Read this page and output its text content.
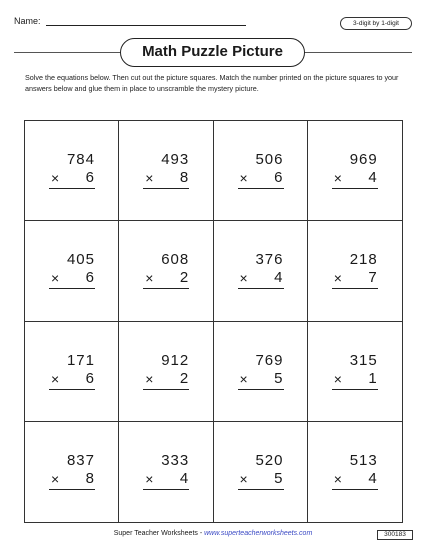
Name:	3-digit by 1-digit
Math Puzzle Picture
Solve the equations below. Then cut out the picture squares. Match the number printed on the picture squares to your answers below and glue them in place to unscramble the mystery picture.
784
× 6
493
× 8
506
× 6
969
× 4
405
× 6
608
× 2
376
× 4
218
× 7
171
× 6
912
× 2
769
× 5
315
× 1
837
× 8
333
× 4
520
× 5
513
× 4
Super Teacher Worksheets - www.superteacherworksheets.com	300183
